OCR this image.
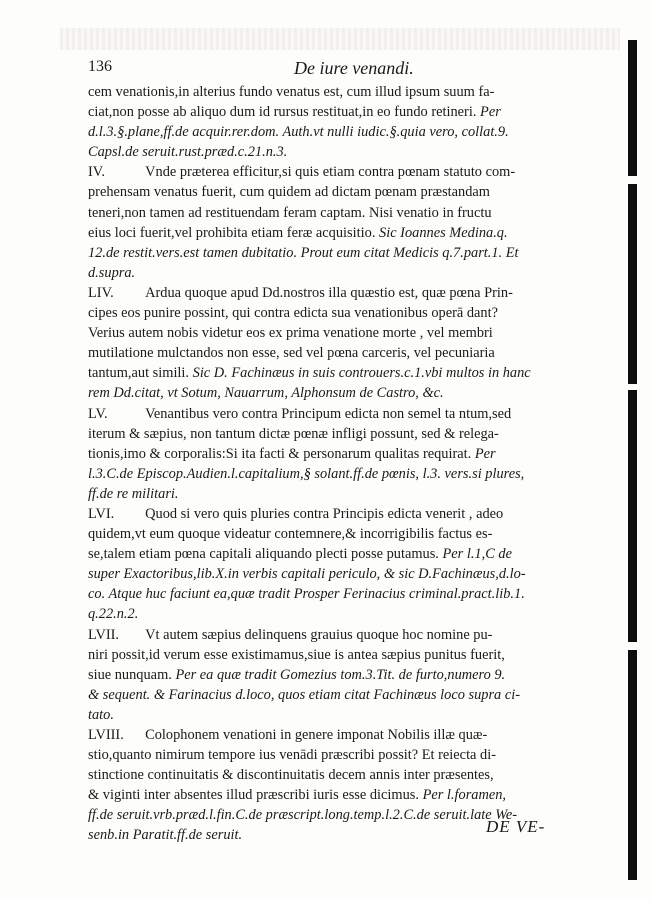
136	De iure venandi.
cem venationis,in alterius fundo venatus est, cum illud ipsum suum fa-
ciat,non posse ab aliquo dum id rursus restituat,in eo fundo retineri. Per
d.l.3.§.plane,ff.de acquir.rer.dom. Auth.vt nulli iudic.§.quia vero, collat.9.
Capsl.de seruit.rust.præd.c.21.n.3.
IV.	Vnde præterea efficitur,si quis etiam contra pœnam statuto com-
prehensam venatus fuerit, cum quidem ad dictam pœnam præstandam
teneri,non tamen ad restituendam feram captam. Nisi venatio in fructu
eius loci fuerit,vel prohibita etiam feræ acquisitio. Sic Ioannes Medina.q.
12.de restit.vers.est tamen dubitatio. Prout eum citat Medicis q.7.part.1. Et
d.supra.
LIV. Ardua quoque apud Dd.nostros illa quæstio est, quæ pœna Prin-
cipes eos punire possint, qui contra edicta sua venationibus operā dant?
Verius autem nobis videtur eos ex prima venatione morte , vel membri
mutilatione mulctandos non esse, sed vel pœna carceris, vel pecuniaria
tantum,aut simili. Sic D. Fachinæus in suis controuers.c.1.vbi multos in hanc
rem Dd.citat, vt Sotum, Nauarrum, Alphonsum de Castro, &c.
LV.	Venantibus vero contra Principum edicta non semel ta ntum,sed
iterum & sæpius, non tantum dictæ pœnæ infligi possunt, sed & relega-
tionis,imo & corporalis:Si ita facti & personarum qualitas requirat. Per
l.3.C.de Episcop.Audien.l.capitalium,§ solant.ff.de pœnis, l.3. vers.si plures,
ff.de re militari.
LVI. Quod si vero quis pluries contra Principis edicta venerit , adeo
quidem,vt eum quoque videatur contemnere,& incorrigibilis factus es-
se,talem etiam pœna capitali aliquando plecti posse putamus. Per l.1,C de
super Exactoribus,lib.X.in verbis capitali periculo, & sic D.Fachinæus,d.lo-
co. Atque huc faciunt ea,quæ tradit Prosper Ferinacius criminal.pract.lib.1.
q.22.n.2.
LVII. Vt autem sæpius delinquens grauius quoque hoc nomine pu-
niri possit,id verum esse existimamus,siue is antea sæpius punitus fuerit,
siue nunquam. Per ea quæ tradit Gomezius tom.3.Tit. de furto,numero 9.
& sequent. & Farinacius d.loco, quos etiam citat Fachinæus loco supra ci-
tato.
LVIII. Colophonem venationi in genere imponat Nobilis illæ quæ-
stio,quanto nimirum tempore ius venādi præscribi possit? Et reiecta di-
stinctione continuitatis & discontinuitatis decem annis inter præsentes,
& viginti inter absentes illud præscribi iuris esse dicimus. Per l.foramen,
ff.de seruit.vrb.præd.l.fin.C.de præscript.long.temp.l.2.C.de seruit.late We-
senb.in Paratit.ff.de seruit.	DE VE-
